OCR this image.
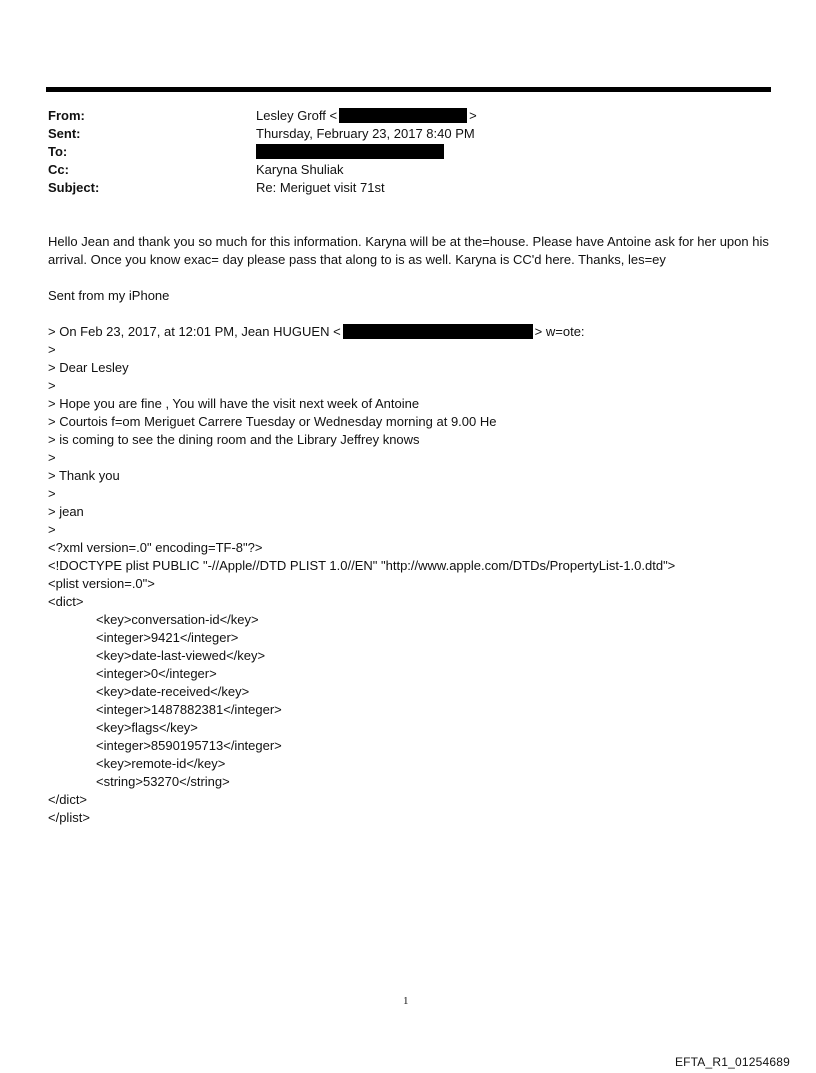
From:	Lesley Groff <	>
Sent:	Thursday, February 23, 2017 8:40 PM
To:
Cc:	Karyna Shuliak
Subject:	Re: Meriguet visit 71st

Hello Jean and thank you so much for this information. Karyna will be at the=house. Please have Antoine ask for her upon his arrival. Once you know exac= day please pass that along to is as well. Karyna is CC'd here. Thanks, les=ey

Sent from my iPhone
> On Feb 23, 2017, at 12:01 PM, Jean HUGUEN <	> w=ote:
>
> Dear Lesley
>
> Hope you are fine , You will have the visit next week of Antoine
> Courtois f=om Meriguet Carrere Tuesday or Wednesday morning at 9.00 He
> is coming to see the dining room and the Library Jeffrey knows
>
> Thank you
>
> jean
>
<?xml version=.0" encoding=TF-8"?>
<!DOCTYPE plist PUBLIC "-//Apple//DTD PLIST 1.0//EN" "http://www.apple.com/DTDs/PropertyList-1.0.dtd">
<plist version=.0">
<dict>
<key>conversation-id</key>
<integer>9421</integer>
<key>date-last-viewed</key>
<integer>0</integer>
<key>date-received</key>
<integer>1487882381</integer>
<key>flags</key>
<integer>8590195713</integer>
<key>remote-id</key>
<string>53270</string>
</dict>
</plist>
1
EFTA_R1_01254689
